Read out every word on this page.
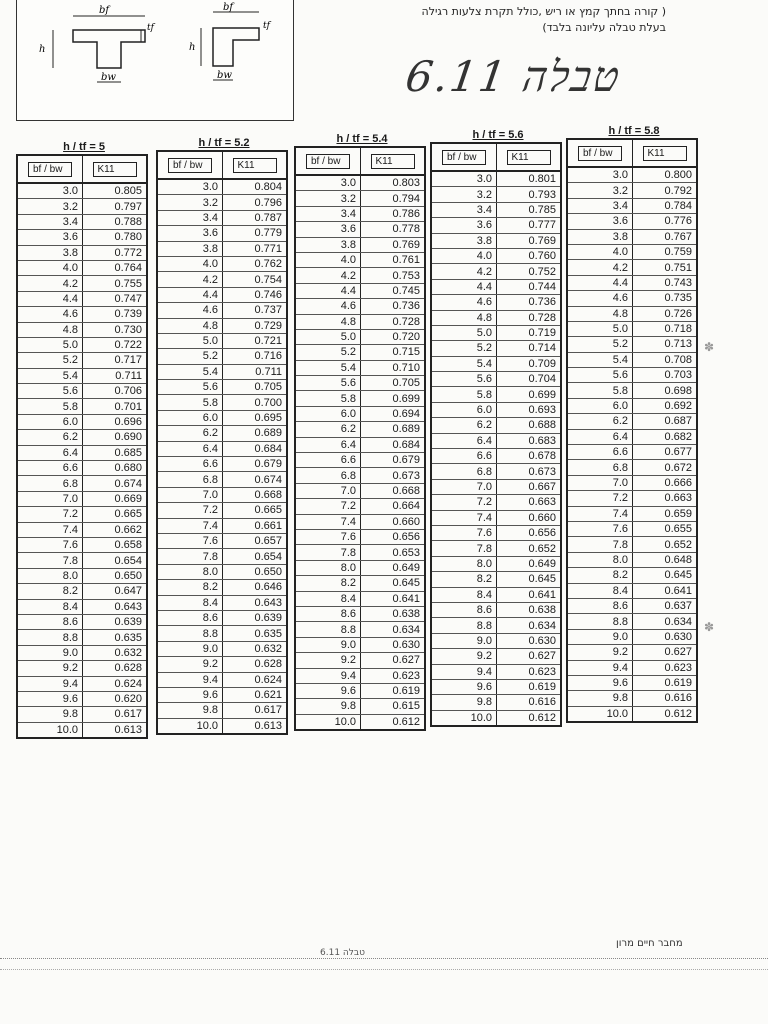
bf
h
tf
bw
bf
h
tf
bw
( קורה בחתך קמץ או ריש ,כולל תקרת צלעות רגילה
בעלת טבלה עליונה בלבד)
טבלה 6.11
h / tf = 5
bf / bw	K11
3.0	0.805
3.2	0.797
3.4	0.788
3.6	0.780
3.8	0.772
4.0	0.764
4.2	0.755
4.4	0.747
4.6	0.739
4.8	0.730
5.0	0.722
5.2	0.717
5.4	0.711
5.6	0.706
5.8	0.701
6.0	0.696
6.2	0.690
6.4	0.685
6.6	0.680
6.8	0.674
7.0	0.669
7.2	0.665
7.4	0.662
7.6	0.658
7.8	0.654
8.0	0.650
8.2	0.647
8.4	0.643
8.6	0.639
8.8	0.635
9.0	0.632
9.2	0.628
9.4	0.624
9.6	0.620
9.8	0.617
10.0	0.613
h / tf = 5.2
bf / bw	K11
3.0	0.804
3.2	0.796
3.4	0.787
3.6	0.779
3.8	0.771
4.0	0.762
4.2	0.754
4.4	0.746
4.6	0.737
4.8	0.729
5.0	0.721
5.2	0.716
5.4	0.711
5.6	0.705
5.8	0.700
6.0	0.695
6.2	0.689
6.4	0.684
6.6	0.679
6.8	0.674
7.0	0.668
7.2	0.665
7.4	0.661
7.6	0.657
7.8	0.654
8.0	0.650
8.2	0.646
8.4	0.643
8.6	0.639
8.8	0.635
9.0	0.632
9.2	0.628
9.4	0.624
9.6	0.621
9.8	0.617
10.0	0.613
h / tf = 5.4
bf / bw	K11
3.0	0.803
3.2	0.794
3.4	0.786
3.6	0.778
3.8	0.769
4.0	0.761
4.2	0.753
4.4	0.745
4.6	0.736
4.8	0.728
5.0	0.720
5.2	0.715
5.4	0.710
5.6	0.705
5.8	0.699
6.0	0.694
6.2	0.689
6.4	0.684
6.6	0.679
6.8	0.673
7.0	0.668
7.2	0.664
7.4	0.660
7.6	0.656
7.8	0.653
8.0	0.649
8.2	0.645
8.4	0.641
8.6	0.638
8.8	0.634
9.0	0.630
9.2	0.627
9.4	0.623
9.6	0.619
9.8	0.615
10.0	0.612
h / tf = 5.6
bf / bw	K11
3.0	0.801
3.2	0.793
3.4	0.785
3.6	0.777
3.8	0.769
4.0	0.760
4.2	0.752
4.4	0.744
4.6	0.736
4.8	0.728
5.0	0.719
5.2	0.714
5.4	0.709
5.6	0.704
5.8	0.699
6.0	0.693
6.2	0.688
6.4	0.683
6.6	0.678
6.8	0.673
7.0	0.667
7.2	0.663
7.4	0.660
7.6	0.656
7.8	0.652
8.0	0.649
8.2	0.645
8.4	0.641
8.6	0.638
8.8	0.634
9.0	0.630
9.2	0.627
9.4	0.623
9.6	0.619
9.8	0.616
10.0	0.612
h / tf = 5.8
bf / bw	K11
3.0	0.800
3.2	0.792
3.4	0.784
3.6	0.776
3.8	0.767
4.0	0.759
4.2	0.751
4.4	0.743
4.6	0.735
4.8	0.726
5.0	0.718
5.2	0.713
5.4	0.708
5.6	0.703
5.8	0.698
6.0	0.692
6.2	0.687
6.4	0.682
6.6	0.677
6.8	0.672
7.0	0.666
7.2	0.663
7.4	0.659
7.6	0.655
7.8	0.652
8.0	0.648
8.2	0.645
8.4	0.641
8.6	0.637
8.8	0.634
9.0	0.630
9.2	0.627
9.4	0.623
9.6	0.619
9.8	0.616
10.0	0.612
מחבר חיים מרון
טבלה 6.11
✽
✽
